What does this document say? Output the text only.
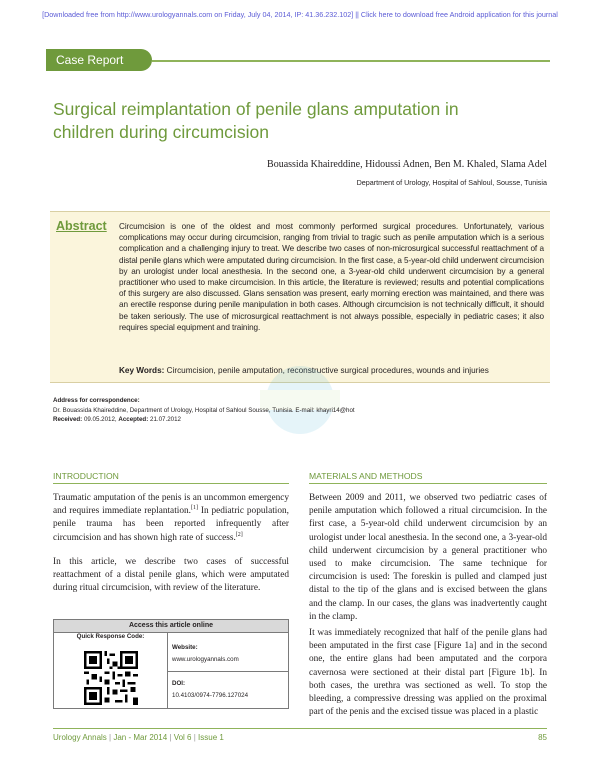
[Downloaded free from http://www.urologyannals.com on Friday, July 04, 2014, IP: 41.36.232.102] || Click here to download free Android application for this journal
Case Report
Surgical reimplantation of penile glans amputation in children during circumcision
Bouassida Khaireddine, Hidoussi Adnen, Ben M. Khaled, Slama Adel
Department of Urology, Hospital of Sahloul, Sousse, Tunisia
Abstract Circumcision is one of the oldest and most commonly performed surgical procedures. Unfortunately, various complications may occur during circumcision, ranging from trivial to tragic such as penile amputation which is a serious complication and a challenging injury to treat. We describe two cases of non-microsurgical successful reattachment of a distal penile glans which were amputated during circumcision. In the first case, a 5-year-old child underwent circumcision by an urologist under local anesthesia. In the second one, a 3-year-old child underwent circumcision by a general practitioner who used to make circumcision. In this article, the literature is reviewed; results and potential complications of this surgery are also discussed. Glans sensation was present, early morning erection was maintained, and there was an erectile response during penile manipulation in both cases. Although circumcision is not technically difficult, it should be taken seriously. The use of microsurgical reattachment is not always possible, especially in pediatric cases; it also requires special equipment and training.
Key Words: Circumcision, penile amputation, reconstructive surgical procedures, wounds and injuries
Address for correspondence:
Dr. Bouassida Khaireddine, Department of Urology, Hospital of Sahloul Sousse, Tunisia. E-mail: khayri14@hot
Received: 09.05.2012, Accepted: 21.07.2012
INTRODUCTION
Traumatic amputation of the penis is an uncommon emergency and requires immediate replantation.[1] In pediatric population, penile trauma has been reported infrequently after circumcision and has shown high rate of success.[2]
In this article, we describe two cases of successful reattachment of a distal penile glans, which were amputated during ritual circumcision, with review of the literature.
Access this article online
Quick Response Code:
Website:
www.urologyannals.com
DOI:
10.4103/0974-7796.127024
MATERIALS AND METHODS
Between 2009 and 2011, we observed two pediatric cases of penile amputation which followed a ritual circumcision. In the first case, a 5-year-old child underwent circumcision by an urologist under local anesthesia. In the second one, a 3-year-old child underwent circumcision by a general practitioner who used to make circumcision. The same technique for circumcision is used: The foreskin is pulled and clamped just distal to the tip of the glans and is excised between the glans and the clamp. In our cases, the glans was inadvertently caught in the clamp.
It was immediately recognized that half of the penile glans had been amputated in the first case [Figure 1a] and in the second one, the entire glans had been amputated and the corpora cavernosa were sectioned at their distal part [Figure 1b]. In both cases, the urethra was sectioned as well. To stop the bleeding, a compressive dressing was applied on the proximal part of the penis and the excised tissue was placed in a plastic
Urology Annals | Jan - Mar 2014 | Vol 6 | Issue 1	85
